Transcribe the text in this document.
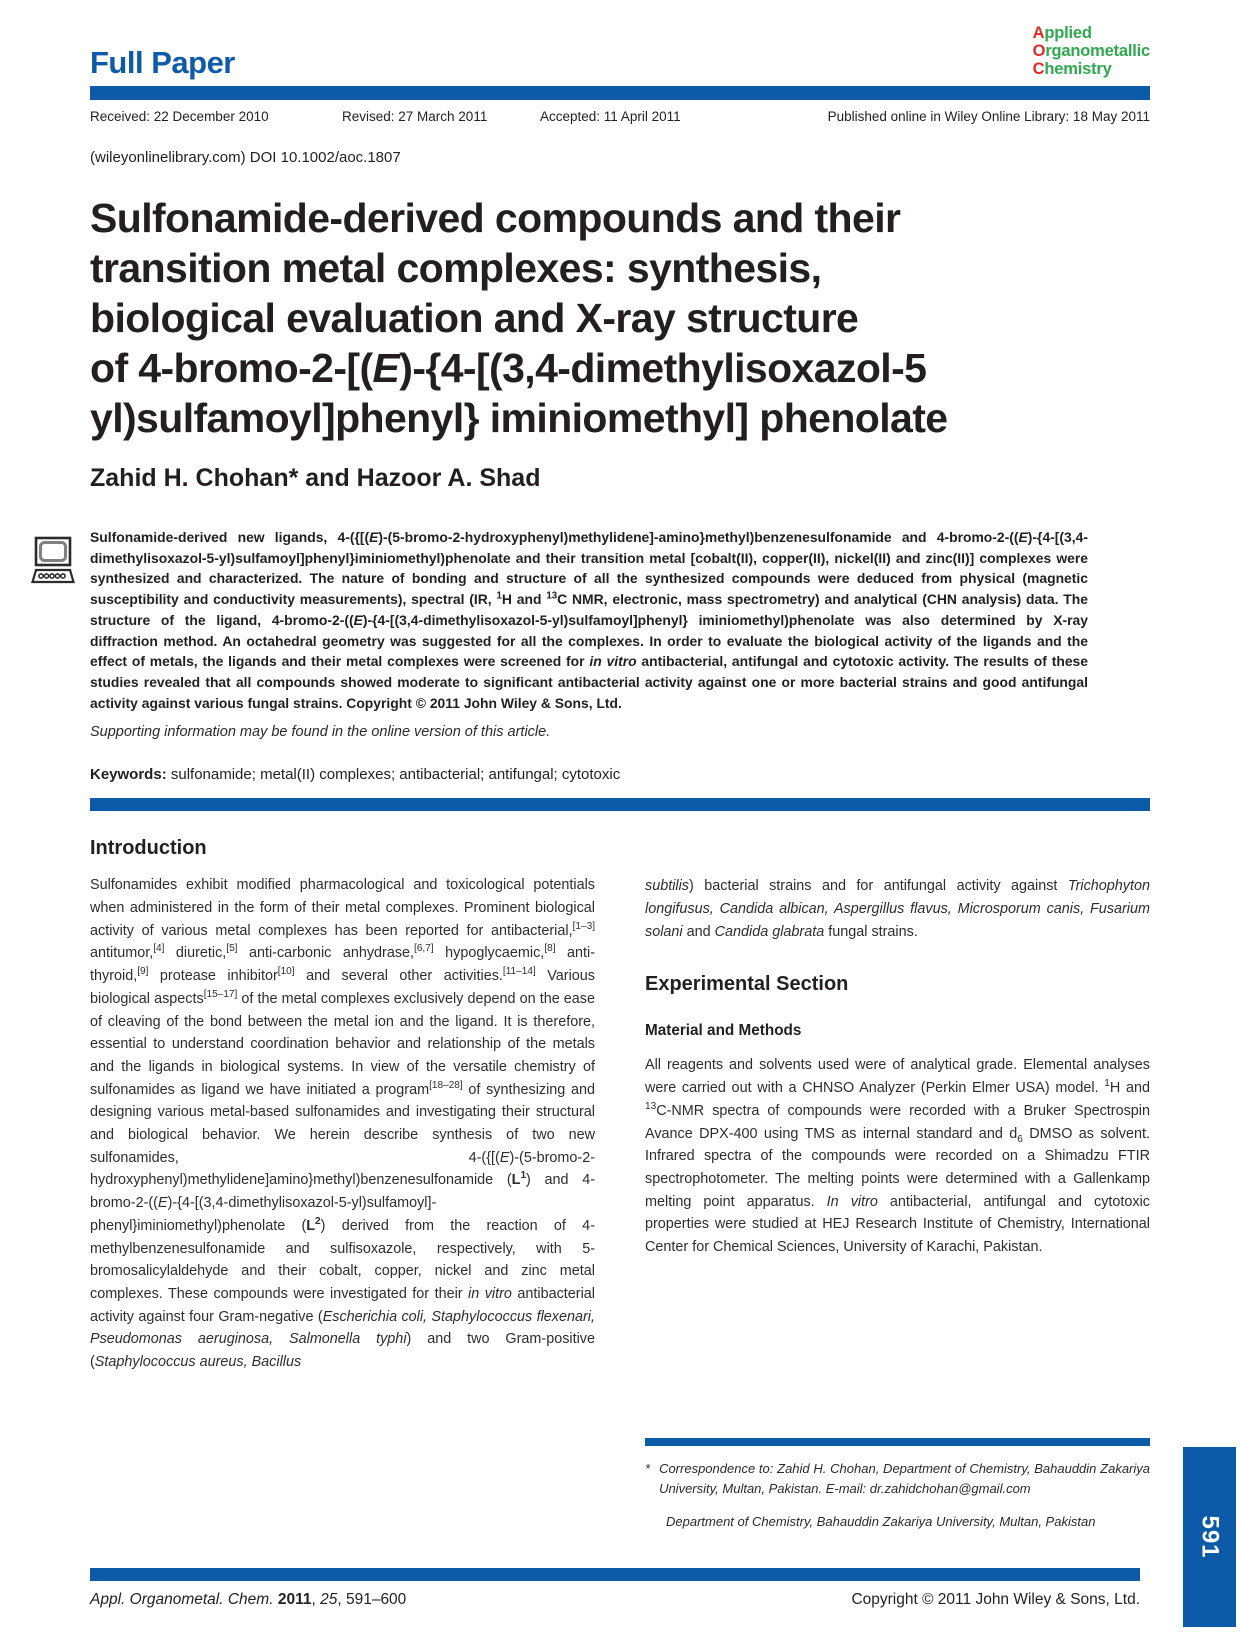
Full Paper
Applied
Organometallic
Chemistry
Received: 22 December 2010	Revised: 27 March 2011	Accepted: 11 April 2011	Published online in Wiley Online Library: 18 May 2011
(wileyonlinelibrary.com) DOI 10.1002/aoc.1807
Sulfonamide-derived compounds and their
transition metal complexes: synthesis,
biological evaluation and X-ray structure
of 4-bromo-2-[(E)-{4-[(3,4-dimethylisoxazol-5
yl)sulfamoyl]phenyl} iminiomethyl] phenolate
Zahid H. Chohan* and Hazoor A. Shad

Sulfonamide-derived new ligands, 4-({[(E)-(5-bromo-2-hydroxyphenyl)methylidene]-amino}methyl)benzenesulfonamide and 4-bromo-2-((E)-{4-[(3,4-dimethylisoxazol-5-yl)sulfamoyl]phenyl}iminiomethyl)phenolate and their transition metal [cobalt(II), copper(II), nickel(II) and zinc(II)] complexes were synthesized and characterized. The nature of bonding and structure of all the synthesized compounds were deduced from physical (magnetic susceptibility and conductivity measurements), spectral (IR, $^1$H and $^{13}$C NMR, electronic, mass spectrometry) and analytical (CHN analysis) data. The structure of the ligand, 4-bromo-2-((E)-{4-[(3,4-dimethylisoxazol-5-yl)sulfamoyl]phenyl} iminiomethyl)phenolate was also determined by X-ray diffraction method. An octahedral geometry was suggested for all the complexes. In order to evaluate the biological activity of the ligands and the effect of metals, the ligands and their metal complexes were screened for in vitro antibacterial, antifungal and cytotoxic activity. The results of these studies revealed that all compounds showed moderate to significant antibacterial activity against one or more bacterial strains and good antifungal activity against various fungal strains. Copyright © 2011 John Wiley & Sons, Ltd.

Supporting information may be found in the online version of this article.
Keywords: sulfonamide; metal(II) complexes; antibacterial; antifungal; cytotoxic
Introduction

Sulfonamides exhibit modified pharmacological and toxicological potentials when administered in the form of their metal complexes. Prominent biological activity of various metal complexes has been reported for antibacterial,[1–3] antitumor,[4] diuretic,[5] anti-carbonic anhydrase,[6,7] hypoglycaemic,[8] anti-thyroid,[9] protease inhibitor[10] and several other activities.[11–14] Various biological aspects[15–17] of the metal complexes exclusively depend on the ease of cleaving of the bond between the metal ion and the ligand. It is therefore, essential to understand coordination behavior and relationship of the metals and the ligands in biological systems. In view of the versatile chemistry of sulfonamides as ligand we have initiated a program[18–28] of synthesizing and designing various metal-based sulfonamides and investigating their structural and biological behavior. We herein describe synthesis of two new sulfonamides, 4-({[(E)-(5-bromo-2-hydroxyphenyl)methylidene]amino}methyl)benzenesulfonamide $(L^1)$ and 4-bromo-2-((E)-{4-[(3,4-dimethylisoxazol-5-yl)sulfamoyl]-phenyl}iminiomethyl)phenolate $(L^2)$ derived from the reaction of 4-methylbenzenesulfonamide and sulfisoxazole, respectively, with 5-bromosalicylaldehyde and their cobalt, copper, nickel and zinc metal complexes. These compounds were investigated for their in vitro antibacterial activity against four Gram-negative (Escherichia coli, Staphylococcus flexenari, Pseudomonas aeruginosa, Salmonella typhi) and two Gram-positive (Staphylococcus aureus, Bacillus

subtilis) bacterial strains and for antifungal activity against Trichophyton longifusus, Candida albican, Aspergillus flavus, Microsporum canis, Fusarium solani and Candida glabrata fungal strains.

Experimental Section
Material and Methods

All reagents and solvents used were of analytical grade. Elemental analyses were carried out with a CHNSO Analyzer (Perkin Elmer USA) model. $^1$H and $^{13}$C-NMR spectra of compounds were recorded with a Bruker Spectrospin Avance DPX-400 using TMS as internal standard and $d_6$ DMSO as solvent. Infrared spectra of the compounds were recorded on a Shimadzu FTIR spectrophotometer. The melting points were determined with a Gallenkamp melting point apparatus. In vitro antibacterial, antifungal and cytotoxic properties were studied at HEJ Research Institute of Chemistry, International Center for Chemical Sciences, University of Karachi, Pakistan.

* Correspondence to: Zahid H. Chohan, Department of Chemistry, Bahauddin Zakariya University, Multan, Pakistan. E-mail: dr.zahidchohan@gmail.com
Department of Chemistry, Bahauddin Zakariya University, Multan, Pakistan
Appl. Organometal. Chem. 2011, 25, 591–600	Copyright © 2011 John Wiley & Sons, Ltd.
591
